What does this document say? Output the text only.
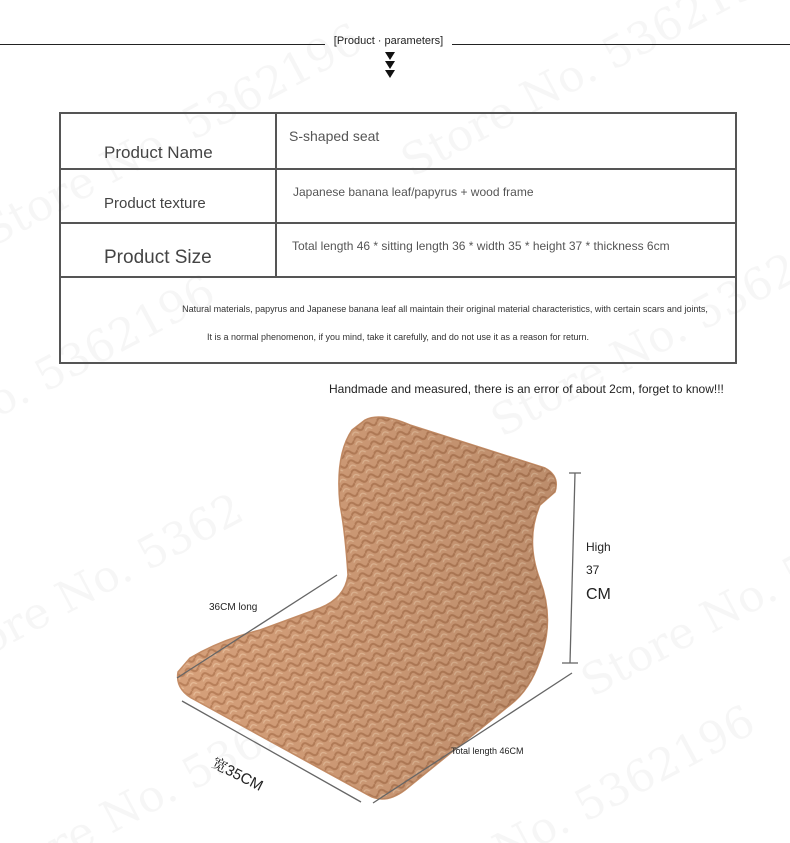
[Product · parameters]
Product Name
S-shaped seat
Product texture
Japanese banana leaf/papyrus + wood frame
Product Size
Total length 46 * sitting length 36 * width 35 * height 37 * thickness 6cm
Natural materials, papyrus and Japanese banana leaf all maintain their original material characteristics, with certain scars and joints,
It is a normal phenomenon, if you mind, take it carefully, and do not use it as a reason for return.
Handmade and measured, there is an error of about 2cm, forget to know!!!
36CM long
宽35CM
Total length 46CM
High
37
CM
